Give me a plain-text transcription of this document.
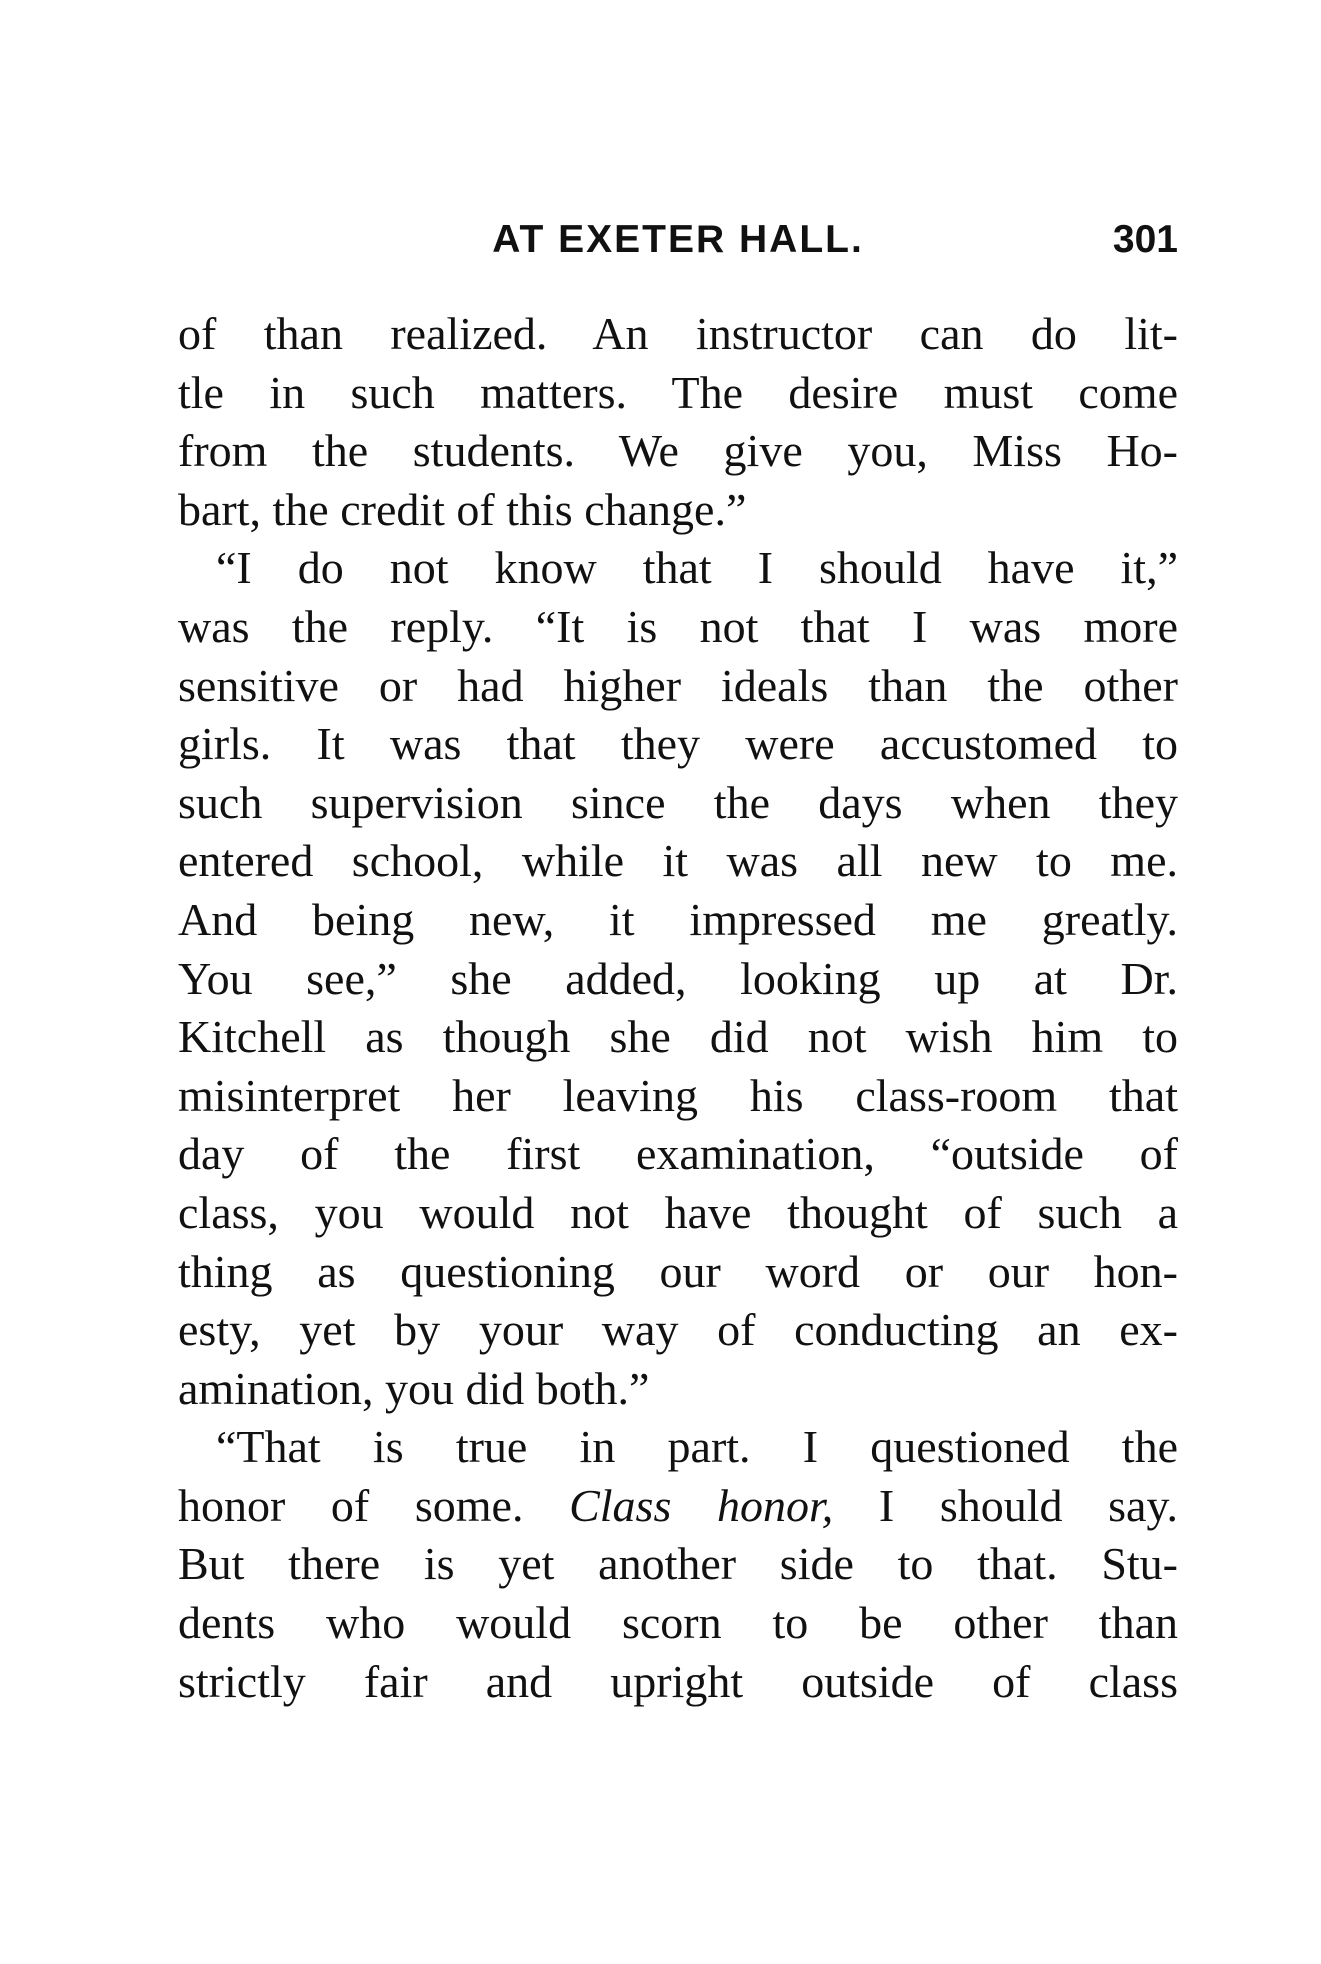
AT EXETER HALL.	301
of than realized. An instructor can do lit-
tle in such matters. The desire must come
from the students. We give you, Miss Ho-
bart, the credit of this change.”
“I do not know that I should have it,”
was the reply. “It is not that I was more
sensitive or had higher ideals than the other
girls. It was that they were accustomed to
such supervision since the days when they
entered school, while it was all new to me.
And being new, it impressed me greatly.
You see,” she added, looking up at Dr.
Kitchell as though she did not wish him to
misinterpret her leaving his class-room that
day of the first examination, “outside of
class, you would not have thought of such a
thing as questioning our word or our hon-
esty, yet by your way of conducting an ex-
amination, you did both.”
“That is true in part. I questioned the
honor of some. Class honor, I should say.
But there is yet another side to that. Stu-
dents who would scorn to be other than
strictly fair and upright outside of class
